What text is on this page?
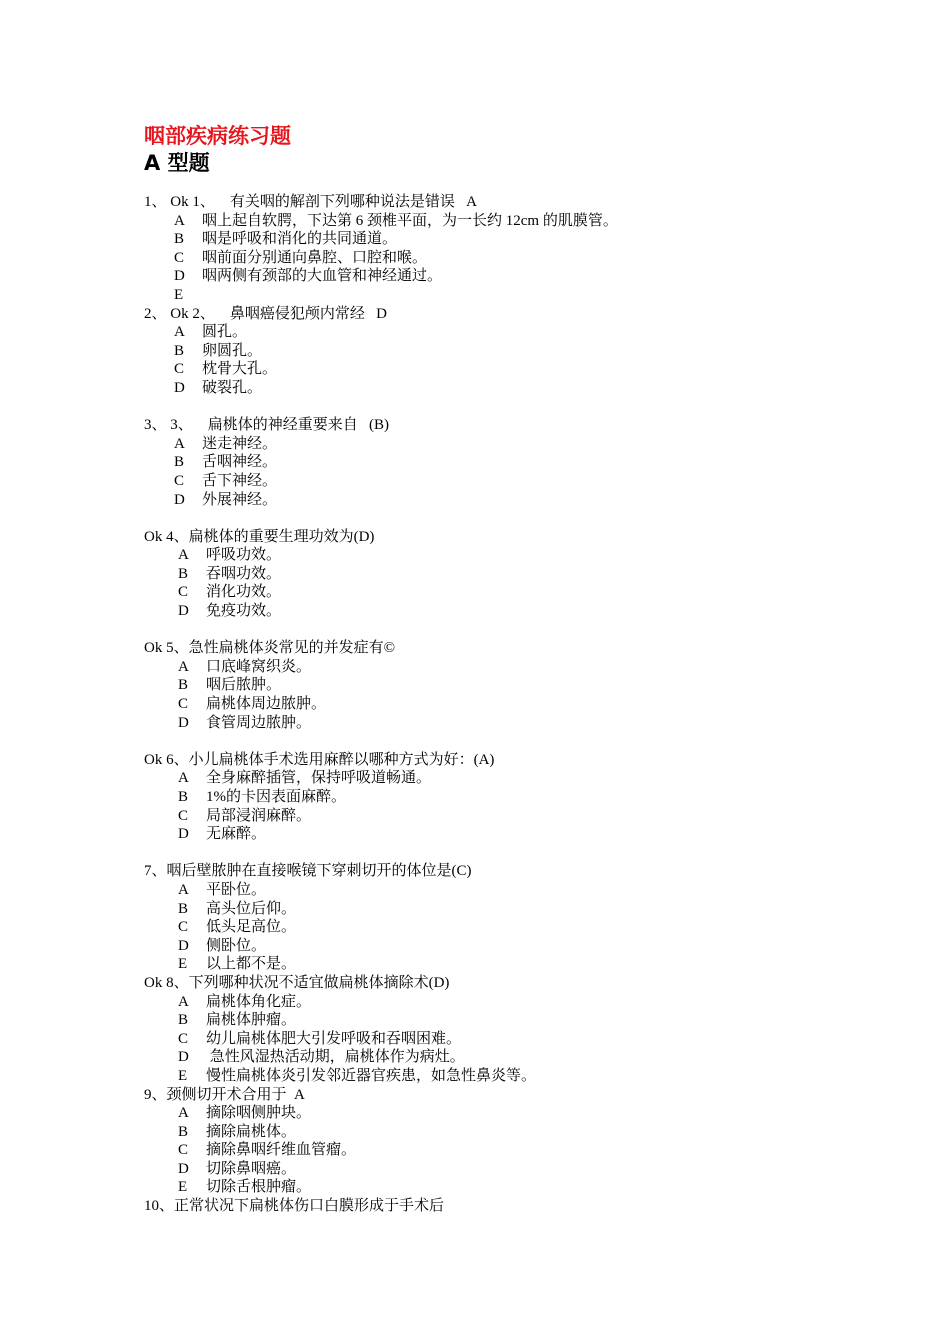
咽部疾病练习题
A 型题
1、 Ok 1、    有关咽的解剖下列哪种说法是错误   A
A 咽上起自软腭，下达第 6 颈椎平面，为一长约 12cm 的肌膜管。
B 咽是呼吸和消化的共同通道。
C 咽前面分别通向鼻腔、口腔和喉。
D 咽两侧有颈部的大血管和神经通过。
E
2、 Ok 2、    鼻咽癌侵犯颅内常经   D
A 圆孔。
B 卵圆孔。
C 枕骨大孔。
D 破裂孔。
3、 3、    扁桃体的神经重要来自   (B)
A 迷走神经。
B 舌咽神经。
C 舌下神经。
D 外展神经。
Ok 4、扁桃体的重要生理功效为(D)
A 呼吸功效。
B 吞咽功效。
C 消化功效。
D 免疫功效。
Ok 5、急性扁桃体炎常见的并发症有©
A 口底峰窝织炎。
B 咽后脓肿。
C 扁桃体周边脓肿。
D 食管周边脓肿。
Ok 6、小儿扁桃体手术选用麻醉以哪种方式为好：(A)
A 全身麻醉插管，保持呼吸道畅通。
B 1%的卡因表面麻醉。
C 局部浸润麻醉。
D 无麻醉。
7、咽后壁脓肿在直接喉镜下穿刺切开的体位是(C)
A 平卧位。
B 高头位后仰。
C 低头足高位。
D 侧卧位。
E 以上都不是。
Ok 8、下列哪种状况不适宜做扁桃体摘除术(D)
A 扁桃体角化症。
B 扁桃体肿瘤。
C 幼儿扁桃体肥大引发呼吸和吞咽困难。
D 急性风湿热活动期，扁桃体作为病灶。
E 慢性扁桃体炎引发邻近器官疾患，如急性鼻炎等。
9、颈侧切开术合用于  A
A 摘除咽侧肿块。
B 摘除扁桃体。
C 摘除鼻咽纤维血管瘤。
D 切除鼻咽癌。
E 切除舌根肿瘤。
10、正常状况下扁桃体伤口白膜形成于手术后
